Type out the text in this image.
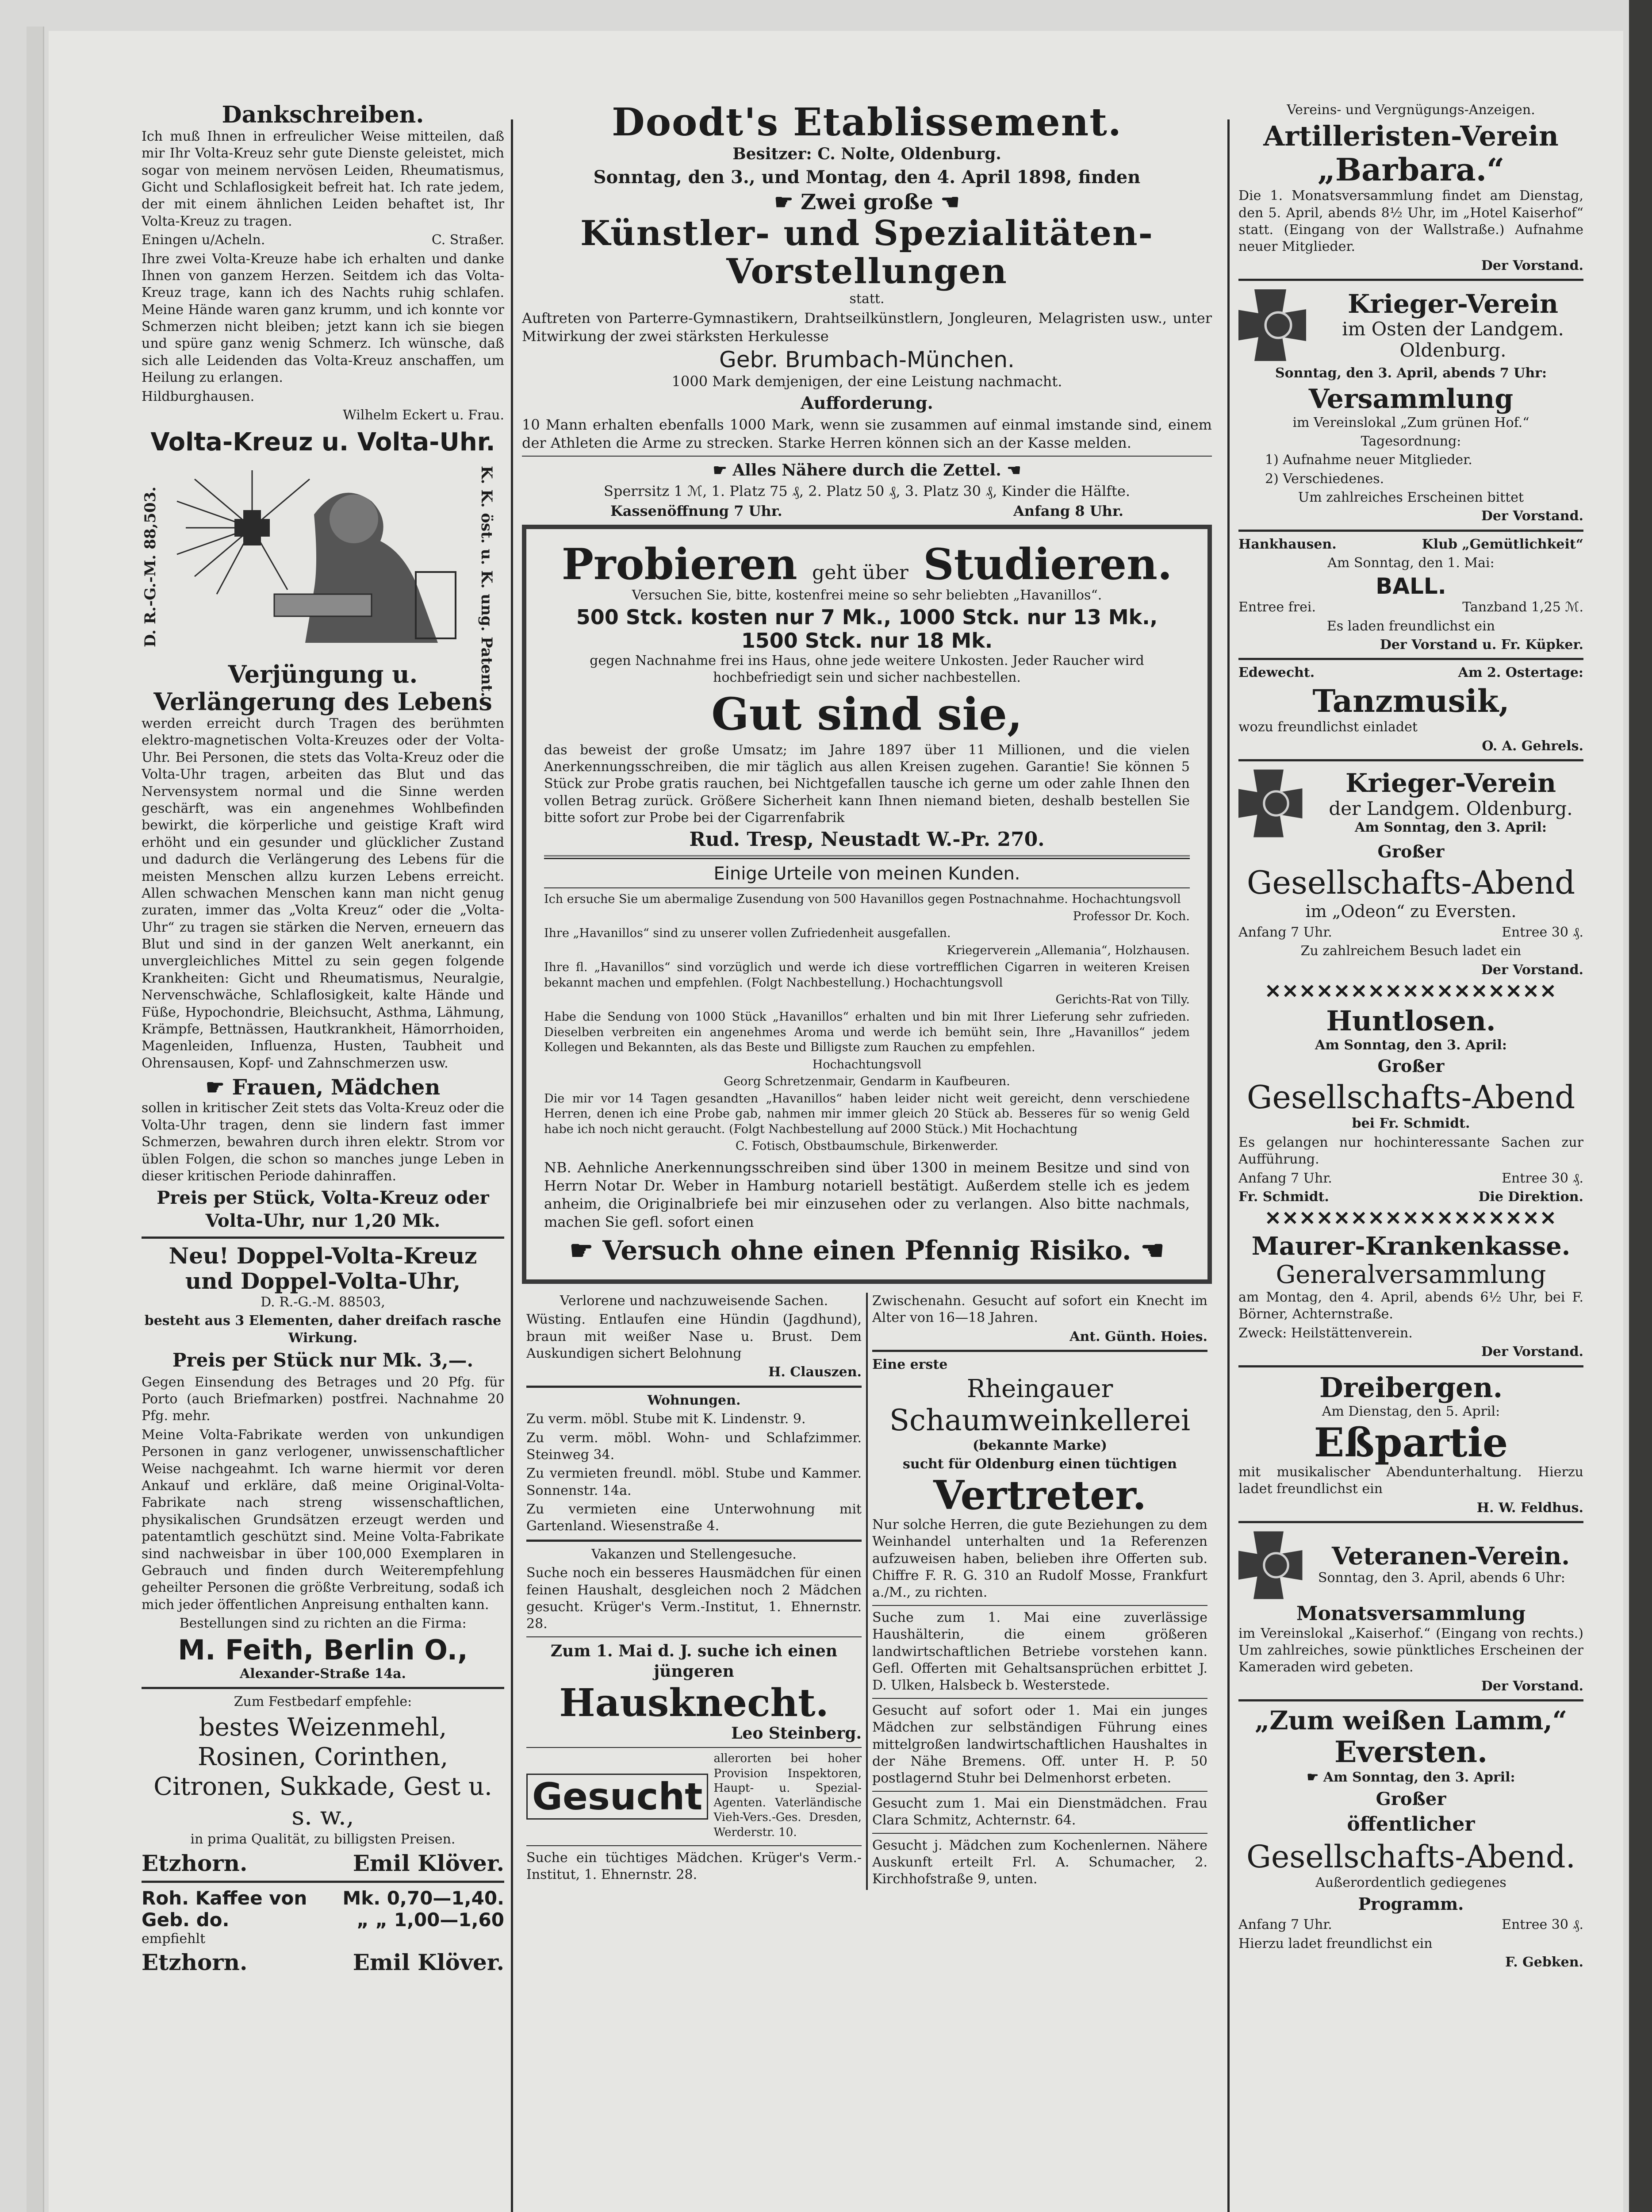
Dankschreiben.

Ich muß Ihnen in erfreulicher Weise mitteilen, daß mir Ihr Volta-Kreuz sehr gute Dienste geleistet, mich sogar von meinem nervösen Leiden, Rheumatismus, Gicht und Schlaflosigkeit befreit hat. Ich rate jedem, der mit einem ähnlichen Leiden behaftet ist, Ihr Volta-Kreuz zu tragen.

Eningen u/Acheln.	C. Straßer.

Ihre zwei Volta-Kreuze habe ich erhalten und danke Ihnen von ganzem Herzen. Seitdem ich das Volta-Kreuz trage, kann ich des Nachts ruhig schlafen. Meine Hände waren ganz krumm, und ich konnte vor Schmerzen nicht bleiben; jetzt kann ich sie biegen und spüre ganz wenig Schmerz. Ich wünsche, daß sich alle Leidenden das Volta-Kreuz anschaffen, um Heilung zu erlangen.

Hildburghausen.

Wilhelm Eckert u. Frau.

Volta-Kreuz u. Volta-Uhr.
D. R.-G.-M. 88,503.	K. K. öst. u. K. ung. Patent.
Verjüngung u. Verlängerung des Lebens

werden erreicht durch Tragen des berühmten elektro-magnetischen Volta-Kreuzes oder der Volta-Uhr. Bei Personen, die stets das Volta-Kreuz oder die Volta-Uhr tragen, arbeiten das Blut und das Nervensystem normal und die Sinne werden geschärft, was ein angenehmes Wohlbefinden bewirkt, die körperliche und geistige Kraft wird erhöht und ein gesunder und glücklicher Zustand und dadurch die Verlängerung des Lebens für die meisten Menschen allzu kurzen Lebens erreicht. Allen schwachen Menschen kann man nicht genug zuraten, immer das „Volta Kreuz“ oder die „Volta-Uhr“ zu tragen sie stärken die Nerven, erneuern das Blut und sind in der ganzen Welt anerkannt, ein unvergleichliches Mittel zu sein gegen folgende Krankheiten: Gicht und Rheumatismus, Neuralgie, Nervenschwäche, Schlaflosigkeit, kalte Hände und Füße, Hypochondrie, Bleichsucht, Asthma, Lähmung, Krämpfe, Bettnässen, Hautkrankheit, Hämorrhoiden, Magenleiden, Influenza, Husten, Taubheit und Ohrensausen, Kopf- und Zahnschmerzen usw.

☛ Frauen, Mädchen

sollen in kritischer Zeit stets das Volta-Kreuz oder die Volta-Uhr tragen, denn sie lindern fast immer Schmerzen, bewahren durch ihren elektr. Strom vor üblen Folgen, die schon so manches junge Leben in dieser kritischen Periode dahinraffen.

Preis per Stück, Volta-Kreuz oder Volta-Uhr, nur 1,20 Mk.

Neu! Doppel-Volta-Kreuz und Doppel-Volta-Uhr,

D. R.-G.-M. 88503,

besteht aus 3 Elementen, daher dreifach rasche Wirkung.

Preis per Stück nur Mk. 3,—.

Gegen Einsendung des Betrages und 20 Pfg. für Porto (auch Briefmarken) postfrei. Nachnahme 20 Pfg. mehr.

Meine Volta-Fabrikate werden von unkundigen Personen in ganz verlogener, unwissenschaftlicher Weise nachgeahmt. Ich warne hiermit vor deren Ankauf und erkläre, daß meine Original-Volta-Fabrikate nach streng wissenschaftlichen, physikalischen Grundsätzen erzeugt werden und patentamtlich geschützt sind. Meine Volta-Fabrikate sind nachweisbar in über 100,000 Exemplaren in Gebrauch und finden durch Weiterempfehlung geheilter Personen die größte Verbreitung, sodaß ich mich jeder öffentlichen Anpreisung enthalten kann.

Bestellungen sind zu richten an die Firma:

M. Feith, Berlin O.,

Alexander-Straße 14a.

Zum Festbedarf empfehle:

bestes Weizenmehl, Rosinen, Corinthen, Citronen, Sukkade, Gest u. s. w.,

in prima Qualität, zu billigsten Preisen.

Etzhorn.	Emil Klöver.
Roh. Kaffee von Mk. 0,70—1,40.
Geb. do.	„ „ 1,00—1,60

empfiehlt

Etzhorn.	Emil Klöver.
Doodt's Etablissement.

Besitzer: C. Nolte, Oldenburg.

Sonntag, den 3., und Montag, den 4. April 1898, finden

☛ Zwei große ☚
Künstler- und Spezialitäten-Vorstellungen

statt.

Auftreten von Parterre-Gymnastikern, Drahtseilkünstlern, Jongleuren, Melagristen usw., unter Mitwirkung der zwei stärksten Herkulesse

Gebr. Brumbach-München.

1000 Mark demjenigen, der eine Leistung nachmacht.

Aufforderung.

10 Mann erhalten ebenfalls 1000 Mark, wenn sie zusammen auf einmal imstande sind, einem der Athleten die Arme zu strecken. Starke Herren können sich an der Kasse melden.

☛ Alles Nähere durch die Zettel. ☚

Sperrsitz 1 ℳ, 1. Platz 75 ₰, 2. Platz 50 ₰, 3. Platz 30 ₰, Kinder die Hälfte.

Kassenöffnung 7 Uhr.	Anfang 8 Uhr.
Probieren geht über Studieren.

Versuchen Sie, bitte, kostenfrei meine so sehr beliebten „Havanillos“.

500 Stck. kosten nur 7 Mk., 1000 Stck. nur 13 Mk.,
1500 Stck. nur 18 Mk.

gegen Nachnahme frei ins Haus, ohne jede weitere Unkosten. Jeder Raucher wird hochbefriedigt sein und sicher nachbestellen.

Gut sind sie,

das beweist der große Umsatz; im Jahre 1897 über 11 Millionen, und die vielen Anerkennungsschreiben, die mir täglich aus allen Kreisen zugehen. Garantie! Sie können 5 Stück zur Probe gratis rauchen, bei Nichtgefallen tausche ich gerne um oder zahle Ihnen den vollen Betrag zurück. Größere Sicherheit kann Ihnen niemand bieten, deshalb bestellen Sie bitte sofort zur Probe bei der Cigarrenfabrik

Rud. Tresp, Neustadt W.-Pr. 270.
Einige Urteile von meinen Kunden.

Ich ersuche Sie um abermalige Zusendung von 500 Havanillos gegen Postnachnahme. Hochachtungsvoll

Professor Dr. Koch.

Ihre „Havanillos“ sind zu unserer vollen Zufriedenheit ausgefallen.

Kriegerverein „Allemania“, Holzhausen.

Ihre fl. „Havanillos“ sind vorzüglich und werde ich diese vortrefflichen Cigarren in weiteren Kreisen bekannt machen und empfehlen. (Folgt Nachbestellung.) Hochachtungsvoll

Gerichts-Rat von Tilly.

Habe die Sendung von 1000 Stück „Havanillos“ erhalten und bin mit Ihrer Lieferung sehr zufrieden. Dieselben verbreiten ein angenehmes Aroma und werde ich bemüht sein, Ihre „Havanillos“ jedem Kollegen und Bekannten, als das Beste und Billigste zum Rauchen zu empfehlen.

Hochachtungsvoll

Georg Schretzenmair, Gendarm in Kaufbeuren.

Die mir vor 14 Tagen gesandten „Havanillos“ haben leider nicht weit gereicht, denn verschiedene Herren, denen ich eine Probe gab, nahmen mir immer gleich 20 Stück ab. Besseres für so wenig Geld habe ich noch nicht geraucht. (Folgt Nachbestellung auf 2000 Stück.) Mit Hochachtung

C. Fotisch, Obstbaumschule, Birkenwerder.

NB. Aehnliche Anerkennungsschreiben sind über 1300 in meinem Besitze und sind von Herrn Notar Dr. Weber in Hamburg notariell bestätigt. Außerdem stelle ich es jedem anheim, die Originalbriefe bei mir einzusehen oder zu verlangen. Also bitte nachmals, machen Sie gefl. sofort einen

☛ Versuch ohne einen Pfennig Risiko. ☚

Verlorene und nachzuweisende Sachen.

Wüsting. Entlaufen eine Hündin (Jagdhund), braun mit weißer Nase u. Brust. Dem Auskundigen sichert Belohnung

H. Clauszen.

Wohnungen.

Zu verm. möbl. Stube mit K. Lindenstr. 9.

Zu verm. möbl. Wohn- und Schlafzimmer. Steinweg 34.

Zu vermieten freundl. möbl. Stube und Kammer. Sonnenstr. 14a.

Zu vermieten eine Unterwohnung mit Gartenland. Wiesenstraße 4.

Vakanzen und Stellengesuche.

Suche noch ein besseres Hausmädchen für einen feinen Haushalt, desgleichen noch 2 Mädchen gesucht. Krüger's Verm.-Institut, 1. Ehnernstr. 28.

Zum 1. Mai d. J. suche ich einen jüngeren

Hausknecht.

Leo Steinberg.

Gesucht
allerorten bei hoher Provision Inspektoren, Haupt- u. Spezial-Agenten. Vaterländische Vieh-Vers.-Ges. Dresden, Werderstr. 10.

Suche ein tüchtiges Mädchen. Krüger's Verm.-Institut, 1. Ehnernstr. 28.

Zwischenahn. Gesucht auf sofort ein Knecht im Alter von 16—18 Jahren.

Ant. Günth. Hoies.

Eine erste

Rheingauer
Schaumweinkellerei

(bekannte Marke)

sucht für Oldenburg einen tüchtigen

Vertreter.

Nur solche Herren, die gute Beziehungen zu dem Weinhandel unterhalten und 1a Referenzen aufzuweisen haben, belieben ihre Offerten sub. Chiffre F. R. G. 310 an Rudolf Mosse, Frankfurt a./M., zu richten.

Suche zum 1. Mai eine zuverlässige Haushälterin, die einem größeren landwirtschaftlichen Betriebe vorstehen kann. Gefl. Offerten mit Gehaltsansprüchen erbittet J. D. Ulken, Halsbeck b. Westerstede.

Gesucht auf sofort oder 1. Mai ein junges Mädchen zur selbständigen Führung eines mittelgroßen landwirtschaftlichen Haushaltes in der Nähe Bremens. Off. unter H. P. 50 postlagernd Stuhr bei Delmenhorst erbeten.

Gesucht zum 1. Mai ein Dienstmädchen. Frau Clara Schmitz, Achternstr. 64.

Gesucht j. Mädchen zum Kochenlernen. Nähere Auskunft erteilt Frl. A. Schumacher, 2. Kirchhofstraße 9, unten.

Vereins- und Vergnügungs-Anzeigen.

Artilleristen-Verein
„Barbara.“

Die 1. Monatsversammlung findet am Dienstag, den 5. April, abends 8½ Uhr, im „Hotel Kaiserhof“ statt. (Eingang von der Wallstraße.) Aufnahme neuer Mitglieder.

Der Vorstand.

Krieger-Verein
im Osten der Landgem. Oldenburg.

Sonntag, den 3. April, abends 7 Uhr:

Versammlung

im Vereinslokal „Zum grünen Hof.“

Tagesordnung:

1) Aufnahme neuer Mitglieder.

2) Verschiedenes.

Um zahlreiches Erscheinen bittet

Der Vorstand.

Hankhausen.	Klub „Gemütlichkeit“

Am Sonntag, den 1. Mai:

BALL.
Entree frei.	Tanzband 1,25 ℳ.

Es laden freundlichst ein

Der Vorstand u. Fr. Küpker.

Edewecht.	Am 2. Ostertage:
Tanzmusik,

wozu freundlichst einladet

O. A. Gehrels.

Krieger-Verein
der Landgem. Oldenburg.

Am Sonntag, den 3. April:

Großer

Gesellschafts-Abend

im „Odeon“ zu Eversten.

Anfang 7 Uhr.	Entree 30 ₰.

Zu zahlreichem Besuch ladet ein

Der Vorstand.

✕✕✕✕✕✕✕✕✕✕✕✕✕✕✕✕✕
Huntlosen.

Am Sonntag, den 3. April:

Großer

Gesellschafts-Abend

bei Fr. Schmidt.

Es gelangen nur hochinteressante Sachen zur Aufführung.

Anfang 7 Uhr.	Entree 30 ₰.
Fr. Schmidt.	Die Direktion.
✕✕✕✕✕✕✕✕✕✕✕✕✕✕✕✕✕
Maurer-Krankenkasse.
Generalversammlung

am Montag, den 4. April, abends 6½ Uhr, bei F. Börner, Achternstraße.

Zweck: Heilstättenverein.

Der Vorstand.

Dreibergen.

Am Dienstag, den 5. April:

Eßpartie

mit musikalischer Abendunterhaltung. Hierzu ladet freundlichst ein

H. W. Feldhus.

Veteranen-Verein.

Sonntag, den 3. April, abends 6 Uhr:

Monatsversammlung

im Vereinslokal „Kaiserhof.“ (Eingang von rechts.) Um zahlreiches, sowie pünktliches Erscheinen der Kameraden wird gebeten.

Der Vorstand.

„Zum weißen Lamm,“
Eversten.

☛ Am Sonntag, den 3. April:

Großer

öffentlicher

Gesellschafts-Abend.

Außerordentlich gediegenes

Programm.

Anfang 7 Uhr.	Entree 30 ₰.

Hierzu ladet freundlichst ein

F. Gebken.
